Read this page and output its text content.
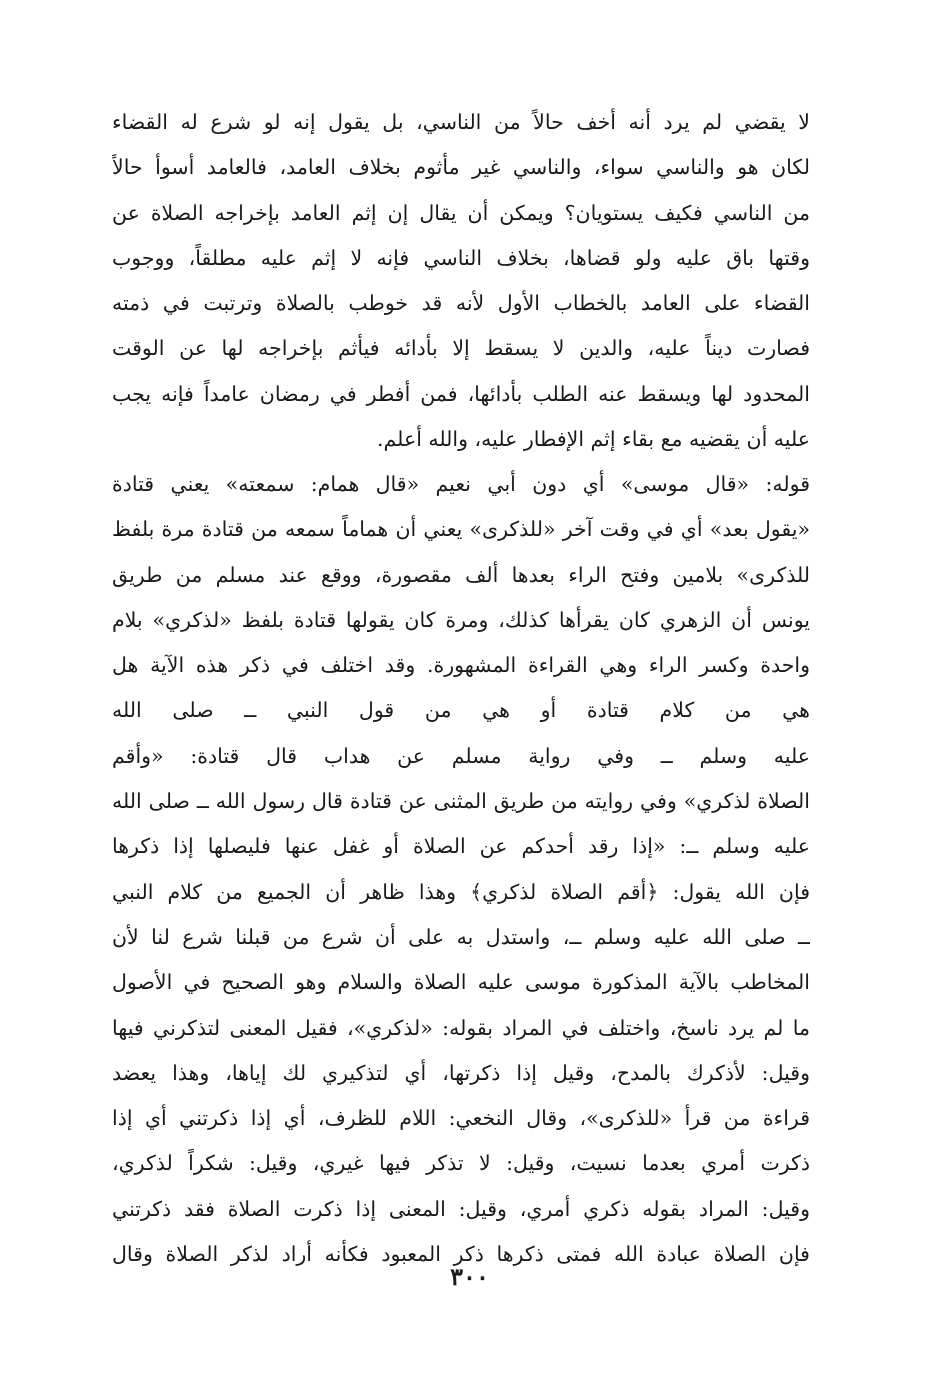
لا يقضي لم يرد أنه أخف حالاً من الناسي، بل يقول إنه لو شرع له القضاء
لكان هو والناسي سواء، والناسي غير مأثوم بخلاف العامد، فالعامد أسوأ حالاً
من الناسي فكيف يستويان؟ ويمكن أن يقال إن إثم العامد بإخراجه الصلاة عن
وقتها باق عليه ولو قضاها، بخلاف الناسي فإنه لا إثم عليه مطلقاً، ووجوب
القضاء على العامد بالخطاب الأول لأنه قد خوطب بالصلاة وترتبت في ذمته
فصارت ديناً عليه، والدين لا يسقط إلا بأدائه فيأثم بإخراجه لها عن الوقت
المحدود لها ويسقط عنه الطلب بأدائها، فمن أفطر في رمضان عامداً فإنه يجب
عليه أن يقضيه مع بقاء إثم الإفطار عليه، والله أعلم.
قوله: «قال موسى» أي دون أبي نعيم «قال همام: سمعته» يعني قتادة
«يقول بعد» أي في وقت آخر «للذكرى» يعني أن هماماً سمعه من قتادة مرة بلفظ
للذكرى» بلامين وفتح الراء بعدها ألف مقصورة، ووقع عند مسلم من طريق
يونس أن الزهري كان يقرأها كذلك، ومرة كان يقولها قتادة بلفظ «لذكري» بلام
واحدة وكسر الراء وهي القراءة المشهورة. وقد اختلف في ذكر هذه الآية هل
هي من كلام قتادة أو هي من قول النبي ــ صلى الله
عليه وسلم ــ وفي رواية مسلم عن هداب قال قتادة: «وأقم
الصلاة لذكري» وفي روايته من طريق المثنى عن قتادة قال رسول الله ــ صلى الله
عليه وسلم ــ: «إذا رقد أحدكم عن الصلاة أو غفل عنها فليصلها إذا ذكرها
فإن الله يقول: ﴿أقم الصلاة لذكري﴾ وهذا ظاهر أن الجميع من كلام النبي
ــ صلى الله عليه وسلم ــ، واستدل به على أن شرع من قبلنا شرع لنا لأن
المخاطب بالآية المذكورة موسى عليه الصلاة والسلام وهو الصحيح في الأصول
ما لم يرد ناسخ، واختلف في المراد بقوله: «لذكري»، فقيل المعنى لتذكرني فيها
وقيل: لأذكرك بالمدح، وقيل إذا ذكرتها، أي لتذكيري لك إياها، وهذا يعضد
قراءة من قرأ «للذكرى»، وقال النخعي: اللام للظرف، أي إذا ذكرتني أي إذا
ذكرت أمري بعدما نسيت، وقيل: لا تذكر فيها غيري، وقيل: شكراً لذكري،
وقيل: المراد بقوله ذكري أمري، وقيل: المعنى إذا ذكرت الصلاة فقد ذكرتني
فإن الصلاة عبادة الله فمتى ذكرها ذكر المعبود فكأنه أراد لذكر الصلاة وقال
٣٠٠
